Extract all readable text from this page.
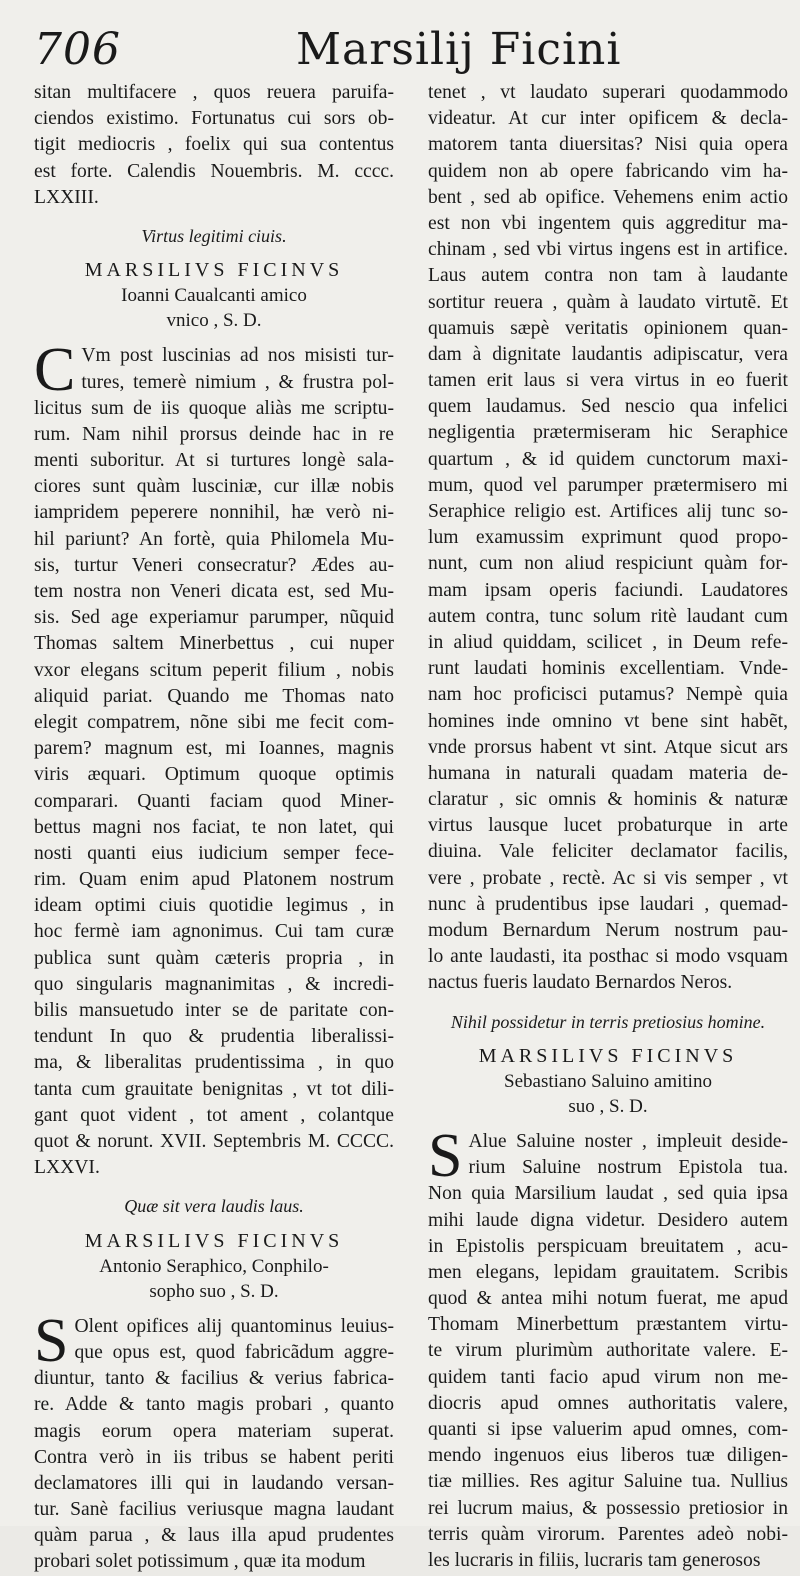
706	Marsilij Ficini
sitan multifacere , quos reuera paruifa-
ciendos existimo. Fortunatus cui sors ob-
tigit mediocris , foelix qui sua contentus
est forte. Calendis Nouembris. M. cccc.
LXXIII.
Virtus legitimi ciuis.
MARSILIVS FICINVS
Ioanni Caualcanti amico
vnico , S. D.
C Vm post luscinias ad nos misisti tur-
tures, temerè nimium , & frustra pol-
licitus sum de iis quoque aliàs me scriptu-
rum. Nam nihil prorsus deinde hac in re
menti suboritur. At si turtures longè sala-
ciores sunt quàm lusciniæ, cur illæ nobis
iampridem peperere nonnihil, hæ verò ni-
hil pariunt? An fortè, quia Philomela Mu-
sis, turtur Veneri consecratur? Ædes au-
tem nostra non Veneri dicata est, sed Mu-
sis. Sed age experiamur parumper, nũquid
Thomas saltem Minerbettus , cui nuper
vxor elegans scitum peperit filium , nobis
aliquid pariat. Quando me Thomas nato
elegit compatrem, nõne sibi me fecit com-
parem? magnum est, mi Ioannes, magnis
viris æquari. Optimum quoque optimis
comparari. Quanti faciam quod Miner-
bettus magni nos faciat, te non latet, qui
nosti quanti eius iudicium semper fece-
rim. Quam enim apud Platonem nostrum
ideam optimi ciuis quotidie legimus , in
hoc fermè iam agnonimus. Cui tam curæ
publica sunt quàm cæteris propria , in
quo singularis magnanimitas , & incredi-
bilis mansuetudo inter se de paritate con-
tendunt In quo & prudentia liberalissi-
ma, & liberalitas prudentissima , in quo
tanta cum grauitate benignitas , vt tot dili-
gant quot vident , tot ament , colantque
quot & norunt. XVII. Septembris M. CCCC.
LXXVI.
Quæ sit vera laudis laus.
MARSILIVS FICINVS
Antonio Seraphico, Conphilo-
sopho suo , S. D.
S Olent opifices alij quantominus leuius-
que opus est, quod fabricãdum aggre-
diuntur, tanto & facilius & verius fabrica-
re. Adde & tanto magis probari , quanto
magis eorum opera materiam superat.
Contra verò in iis tribus se habent periti
declamatores illi qui in laudando versan-
tur. Sanè facilius veriusque magna laudant
quàm parua , & laus illa apud prudentes
probari solet potissimum , quæ ita modum
tenet , vt laudato superari quodammodo
videatur. At cur inter opificem & decla-
matorem tanta diuersitas? Nisi quia opera
quidem non ab opere fabricando vim ha-
bent , sed ab opifice. Vehemens enim actio
est non vbi ingentem quis aggreditur ma-
chinam , sed vbi virtus ingens est in artifice.
Laus autem contra non tam à laudante
sortitur reuera , quàm à laudato virtutẽ. Et
quamuis sæpè veritatis opinionem quan-
dam à dignitate laudantis adipiscatur, vera
tamen erit laus si vera virtus in eo fuerit
quem laudamus. Sed nescio qua infelici
negligentia prætermiseram hic Seraphice
quartum , & id quidem cunctorum maxi-
mum, quod vel parumper prætermisero mi
Seraphice religio est. Artifices alij tunc so-
lum examussim exprimunt quod propo-
nunt, cum non aliud respiciunt quàm for-
mam ipsam operis faciundi. Laudatores
autem contra, tunc solum ritè laudant cum
in aliud quiddam, scilicet , in Deum refe-
runt laudati hominis excellentiam. Vnde-
nam hoc proficisci putamus? Nempè quia
homines inde omnino vt bene sint habẽt,
vnde prorsus habent vt sint. Atque sicut ars
humana in naturali quadam materia de-
claratur , sic omnis & hominis & naturæ
virtus lausque lucet probaturque in arte
diuina. Vale feliciter declamator facilis,
vere , probate , rectè. Ac si vis semper , vt
nunc à prudentibus ipse laudari , quemad-
modum Bernardum Nerum nostrum pau-
lo ante laudasti, ita posthac si modo vsquam
nactus fueris laudato Bernardos Neros.
Nihil possidetur in terris pretiosius homine.
MARSILIVS FICINVS
Sebastiano Saluino amitino
suo , S. D.
S Alue Saluine noster , impleuit deside-
rium Saluine nostrum Epistola tua.
Non quia Marsilium laudat , sed quia ipsa
mihi laude digna videtur. Desidero autem
in Epistolis perspicuam breuitatem , acu-
men elegans, lepidam grauitatem. Scribis
quod & antea mihi notum fuerat, me apud
Thomam Minerbettum præstantem virtu-
te virum plurimùm authoritate valere. E-
quidem tanti facio apud virum non me-
diocris apud omnes authoritatis valere,
quanti si ipse valuerim apud omnes, com-
mendo ingenuos eius liberos tuæ diligen-
tiæ millies. Res agitur Saluine tua. Nullius
rei lucrum maius, & possessio pretiosior in
terris quàm virorum. Parentes adeò nobi-
les lucraris in filiis, lucraris tam generosos
